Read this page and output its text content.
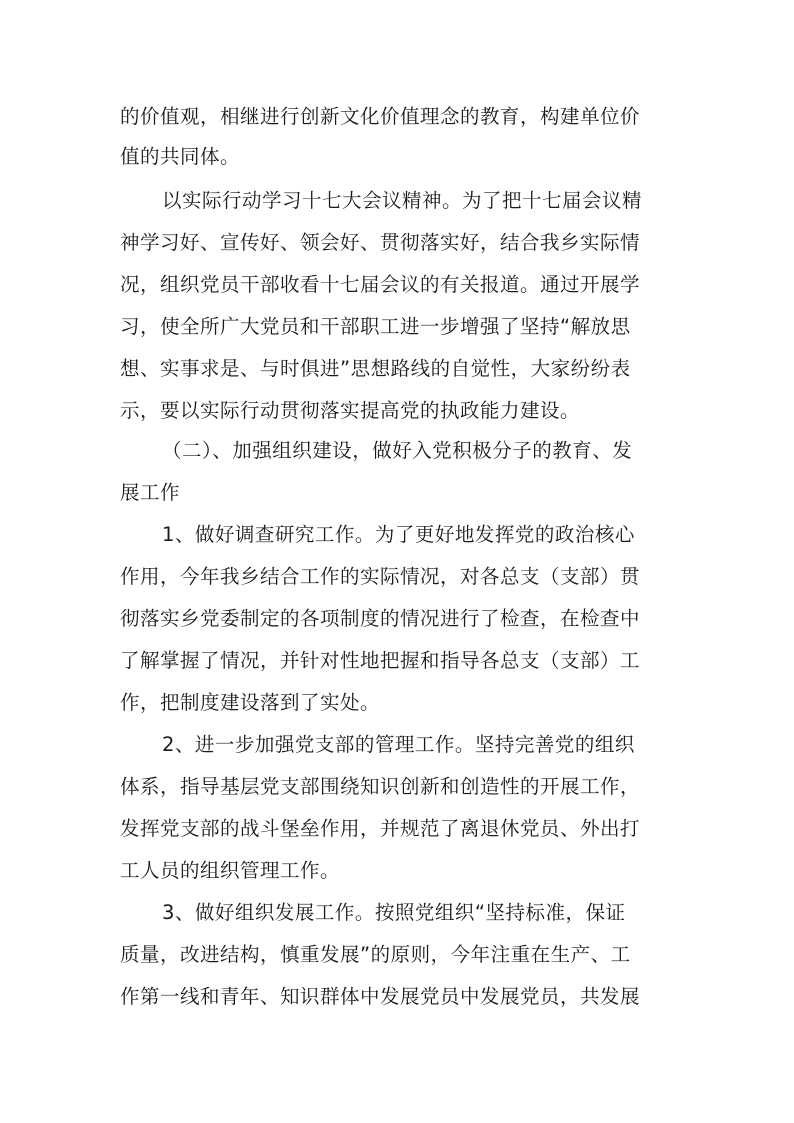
的价值观，相继进行创新文化价值理念的教育，构建单位价
值的共同体。
以实际行动学习十七大会议精神。为了把十七届会议精
神学习好、宣传好、领会好、贯彻落实好，结合我乡实际情
况，组织党员干部收看十七届会议的有关报道。通过开展学
习，使全所广大党员和干部职工进一步增强了坚持“解放思
想、实事求是、与时俱进”思想路线的自觉性，大家纷纷表
示，要以实际行动贯彻落实提高党的执政能力建设。
（二）、加强组织建设，做好入党积极分子的教育、发
展工作
1、做好调查研究工作。为了更好地发挥党的政治核心
作用，今年我乡结合工作的实际情况，对各总支（支部）贯
彻落实乡党委制定的各项制度的情况进行了检查，在检查中
了解掌握了情况，并针对性地把握和指导各总支（支部）工
作，把制度建设落到了实处。
2、进一步加强党支部的管理工作。坚持完善党的组织
体系，指导基层党支部围绕知识创新和创造性的开展工作，
发挥党支部的战斗堡垒作用，并规范了离退休党员、外出打
工人员的组织管理工作。
3、做好组织发展工作。按照党组织“坚持标准，保证
质量，改进结构，慎重发展”的原则，今年注重在生产、工
作第一线和青年、知识群体中发展党员中发展党员，共发展
